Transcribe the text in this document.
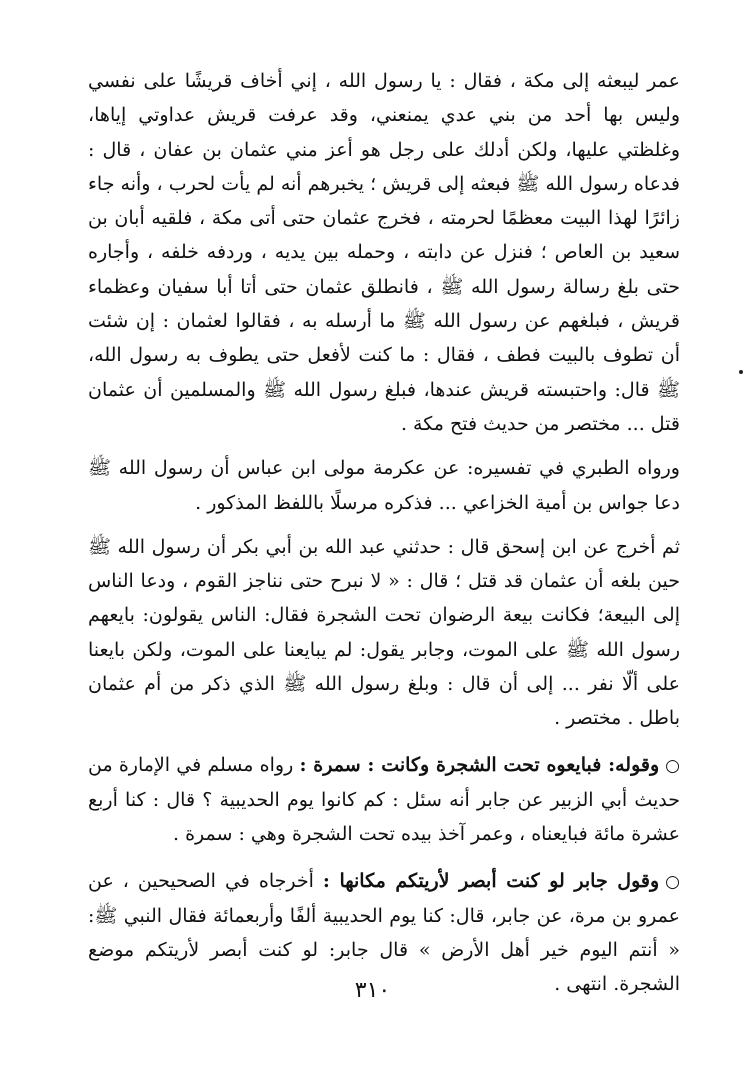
عمر ليبعثه إلى مكة ، فقال : يا رسول الله ، إني أخاف قريشًا على نفسي وليس بها أحد من بني عدي يمنعني، وقد عرفت قريش عداوتي إياها، وغلظتي عليها، ولكن أدلك على رجل هو أعز مني عثمان بن عفان ، قال : فدعاه رسول الله ﷺ فبعثه إلى قريش ؛ يخبرهم أنه لم يأت لحرب ، وأنه جاء زائرًا لهذا البيت معظمًا لحرمته ، فخرج عثمان حتى أتى مكة ، فلقيه أبان بن سعيد بن العاص ؛ فنزل عن دابته ، وحمله بين يديه ، وردفه خلفه ، وأجاره حتى بلغ رسالة رسول الله ﷺ ، فانطلق عثمان حتى أتا أبا سفيان وعظماء قريش ، فبلغهم عن رسول الله ﷺ ما أرسله به ، فقالوا لعثمان : إن شئت أن تطوف بالبيت فطف ، فقال : ما كنت لأفعل حتى يطوف به رسول الله، ﷺ قال: واحتبسته قريش عندها، فبلغ رسول الله ﷺ والمسلمين أن عثمان قتل ... مختصر من حديث فتح مكة .

ورواه الطبري في تفسيره: عن عكرمة مولى ابن عباس أن رسول الله ﷺ دعا جواس بن أمية الخزاعي ... فذكره مرسلًا باللفظ المذكور .

ثم أخرج عن ابن إسحق قال : حدثني عبد الله بن أبي بكر أن رسول الله ﷺ حين بلغه أن عثمان قد قتل ؛ قال : « لا نبرح حتى نناجز القوم ، ودعا الناس إلى البيعة؛ فكانت بيعة الرضوان تحت الشجرة فقال: الناس يقولون: بايعهم رسول الله ﷺ على الموت، وجابر يقول: لم يبايعنا على الموت، ولكن بايعنا على ألّا نفر ... إلى أن قال : وبلغ رسول الله ﷺ الذي ذكر من أم عثمان باطل . مختصر .

○وقوله: فبايعوه تحت الشجرة وكانت : سمرة : رواه مسلم في الإمارة من حديث أبي الزبير عن جابر أنه سئل : كم كانوا يوم الحديبية ؟ قال : كنا أربع عشرة مائة فبايعناه ، وعمر آخذ بيده تحت الشجرة وهي : سمرة .

○وقول جابر لو كنت أبصر لأريتكم مكانها : أخرجاه في الصحيحين ، عن عمرو بن مرة، عن جابر، قال: كنا يوم الحديبية ألفًا وأربعمائة فقال النبي ﷺ: « أنتم اليوم خير أهل الأرض » قال جابر: لو كنت أبصر لأريتكم موضع الشجرة. انتهى .

٣١٠
